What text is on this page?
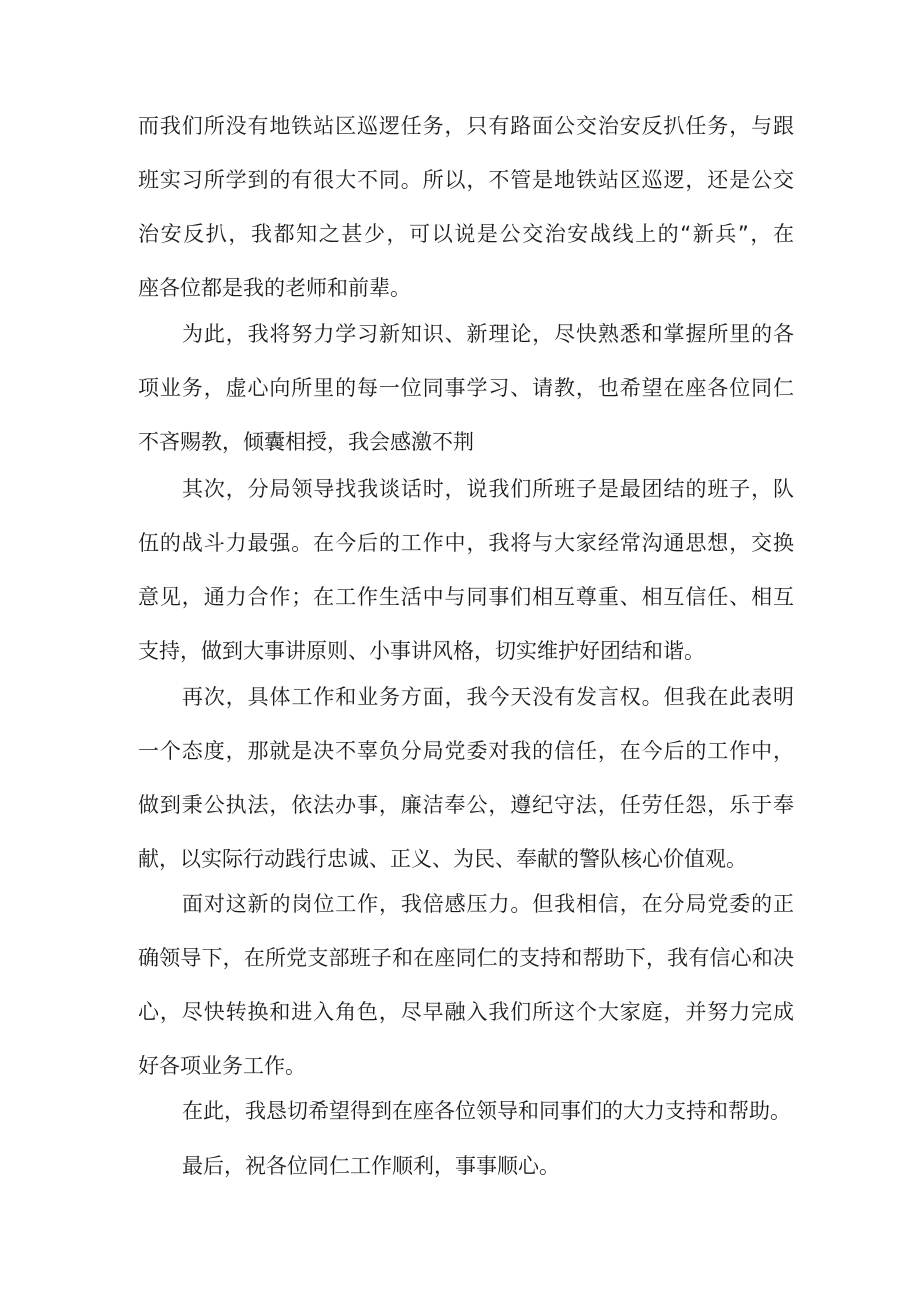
而我们所没有地铁站区巡逻任务，只有路面公交治安反扒任务，与跟
班实习所学到的有很大不同。所以，不管是地铁站区巡逻，还是公交
治安反扒，我都知之甚少，可以说是公交治安战线上的“新兵”，在
座各位都是我的老师和前辈。
为此，我将努力学习新知识、新理论，尽快熟悉和掌握所里的各
项业务，虚心向所里的每一位同事学习、请教，也希望在座各位同仁
不吝赐教，倾囊相授，我会感激不荆
其次，分局领导找我谈话时，说我们所班子是最团结的班子，队
伍的战斗力最强。在今后的工作中，我将与大家经常沟通思想，交换
意见，通力合作；在工作生活中与同事们相互尊重、相互信任、相互
支持，做到大事讲原则、小事讲风格，切实维护好团结和谐。
再次，具体工作和业务方面，我今天没有发言权。但我在此表明
一个态度，那就是决不辜负分局党委对我的信任，在今后的工作中，
做到秉公执法，依法办事，廉洁奉公，遵纪守法，任劳任怨，乐于奉
献，以实际行动践行忠诚、正义、为民、奉献的警队核心价值观。
面对这新的岗位工作，我倍感压力。但我相信，在分局党委的正
确领导下，在所党支部班子和在座同仁的支持和帮助下，我有信心和决
心，尽快转换和进入角色，尽早融入我们所这个大家庭，并努力完成
好各项业务工作。
在此，我恳切希望得到在座各位领导和同事们的大力支持和帮助。
最后，祝各位同仁工作顺利，事事顺心。
